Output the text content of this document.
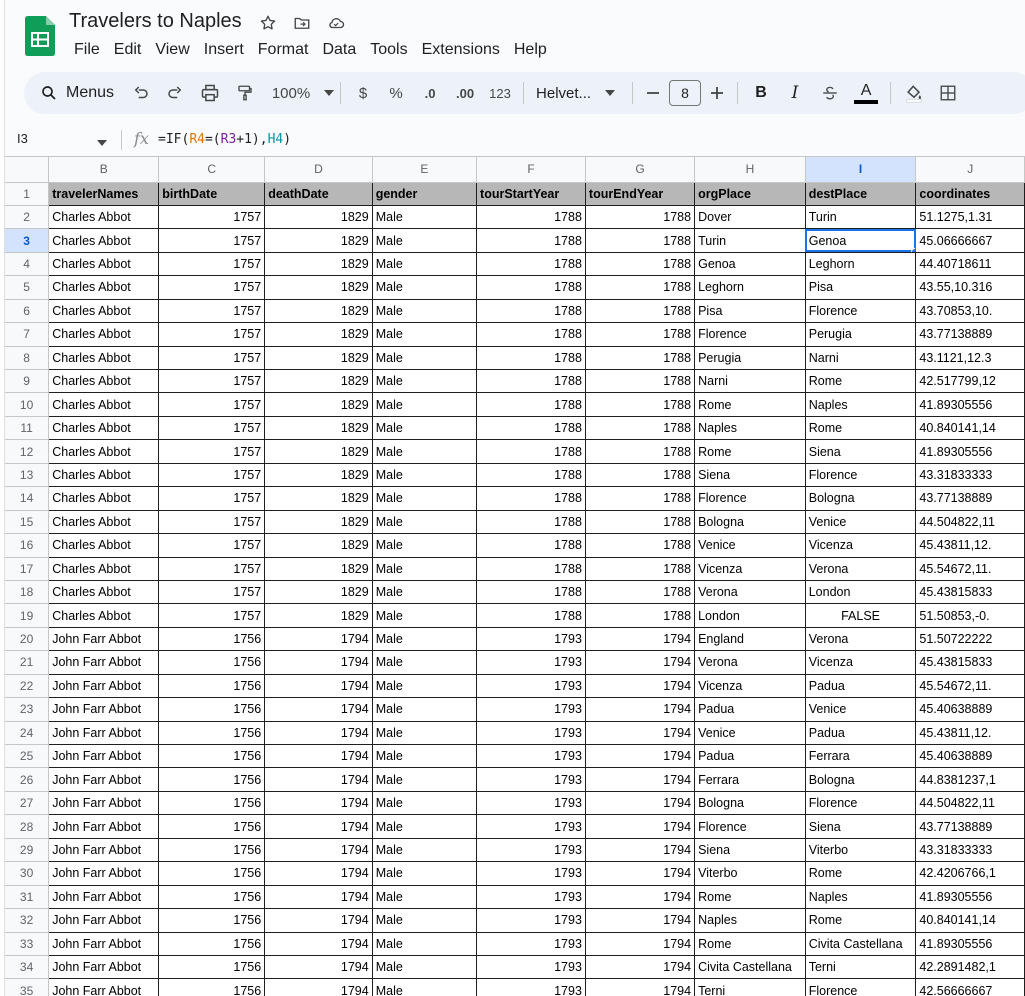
Travelers to Naples
File Edit View Insert Format Data Tools Extensions Help
Menus	100%	$	%	.0	.00	123	Helvet...	8	B	I	A
I3	fx =IF(R4=(R3+1),H4)
	B	C	D	E	F	G	H	I	J
1	travelerNames	birthDate	deathDate	gender	tourStartYear	tourEndYear	orgPlace	destPlace	coordinates
2	Charles Abbot	1757	1829	Male	1788	1788	Dover	Turin	51.1275,1.31
3	Charles Abbot	1757	1829	Male	1788	1788	Turin	Genoa	45.06666667
4	Charles Abbot	1757	1829	Male	1788	1788	Genoa	Leghorn	44.40718611
5	Charles Abbot	1757	1829	Male	1788	1788	Leghorn	Pisa	43.55,10.316
6	Charles Abbot	1757	1829	Male	1788	1788	Pisa	Florence	43.70853,10.
7	Charles Abbot	1757	1829	Male	1788	1788	Florence	Perugia	43.77138889
8	Charles Abbot	1757	1829	Male	1788	1788	Perugia	Narni	43.1121,12.3
9	Charles Abbot	1757	1829	Male	1788	1788	Narni	Rome	42.517799,12
10	Charles Abbot	1757	1829	Male	1788	1788	Rome	Naples	41.89305556
11	Charles Abbot	1757	1829	Male	1788	1788	Naples	Rome	40.840141,14
12	Charles Abbot	1757	1829	Male	1788	1788	Rome	Siena	41.89305556
13	Charles Abbot	1757	1829	Male	1788	1788	Siena	Florence	43.31833333
14	Charles Abbot	1757	1829	Male	1788	1788	Florence	Bologna	43.77138889
15	Charles Abbot	1757	1829	Male	1788	1788	Bologna	Venice	44.504822,11
16	Charles Abbot	1757	1829	Male	1788	1788	Venice	Vicenza	45.43811,12.
17	Charles Abbot	1757	1829	Male	1788	1788	Vicenza	Verona	45.54672,11.
18	Charles Abbot	1757	1829	Male	1788	1788	Verona	London	45.43815833
19	Charles Abbot	1757	1829	Male	1788	1788	London	FALSE	51.50853,-0.
20	John Farr Abbot	1756	1794	Male	1793	1794	England	Verona	51.50722222
21	John Farr Abbot	1756	1794	Male	1793	1794	Verona	Vicenza	45.43815833
22	John Farr Abbot	1756	1794	Male	1793	1794	Vicenza	Padua	45.54672,11.
23	John Farr Abbot	1756	1794	Male	1793	1794	Padua	Venice	45.40638889
24	John Farr Abbot	1756	1794	Male	1793	1794	Venice	Padua	45.43811,12.
25	John Farr Abbot	1756	1794	Male	1793	1794	Padua	Ferrara	45.40638889
26	John Farr Abbot	1756	1794	Male	1793	1794	Ferrara	Bologna	44.8381237,1
27	John Farr Abbot	1756	1794	Male	1793	1794	Bologna	Florence	44.504822,11
28	John Farr Abbot	1756	1794	Male	1793	1794	Florence	Siena	43.77138889
29	John Farr Abbot	1756	1794	Male	1793	1794	Siena	Viterbo	43.31833333
30	John Farr Abbot	1756	1794	Male	1793	1794	Viterbo	Rome	42.4206766,1
31	John Farr Abbot	1756	1794	Male	1793	1794	Rome	Naples	41.89305556
32	John Farr Abbot	1756	1794	Male	1793	1794	Naples	Rome	40.840141,14
33	John Farr Abbot	1756	1794	Male	1793	1794	Rome	Civita Castellana	41.89305556
34	John Farr Abbot	1756	1794	Male	1793	1794	Civita Castellana	Terni	42.2891482,1
35	John Farr Abbot	1756	1794	Male	1793	1794	Terni	Florence	42.56666667
